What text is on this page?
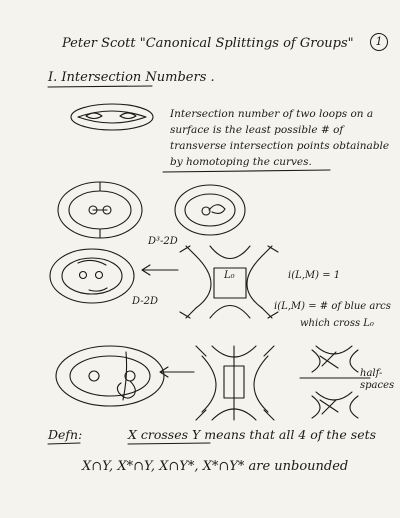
Peter Scott "Canonical Splittings of Groups"	1
I. Intersection Numbers .
Intersection number of two loops on a surface is the least possible # of transverse intersection points obtainable by homotoping the curves.
D³-2D
L₀
D-2D
i(L,M) = 1
i(L,M) = # of blue arcs
which cross L₀
half- spaces
Defn:	X crosses Y means that all 4 of the sets
X∩Y, X*∩Y, X∩Y*, X*∩Y* are unbounded
